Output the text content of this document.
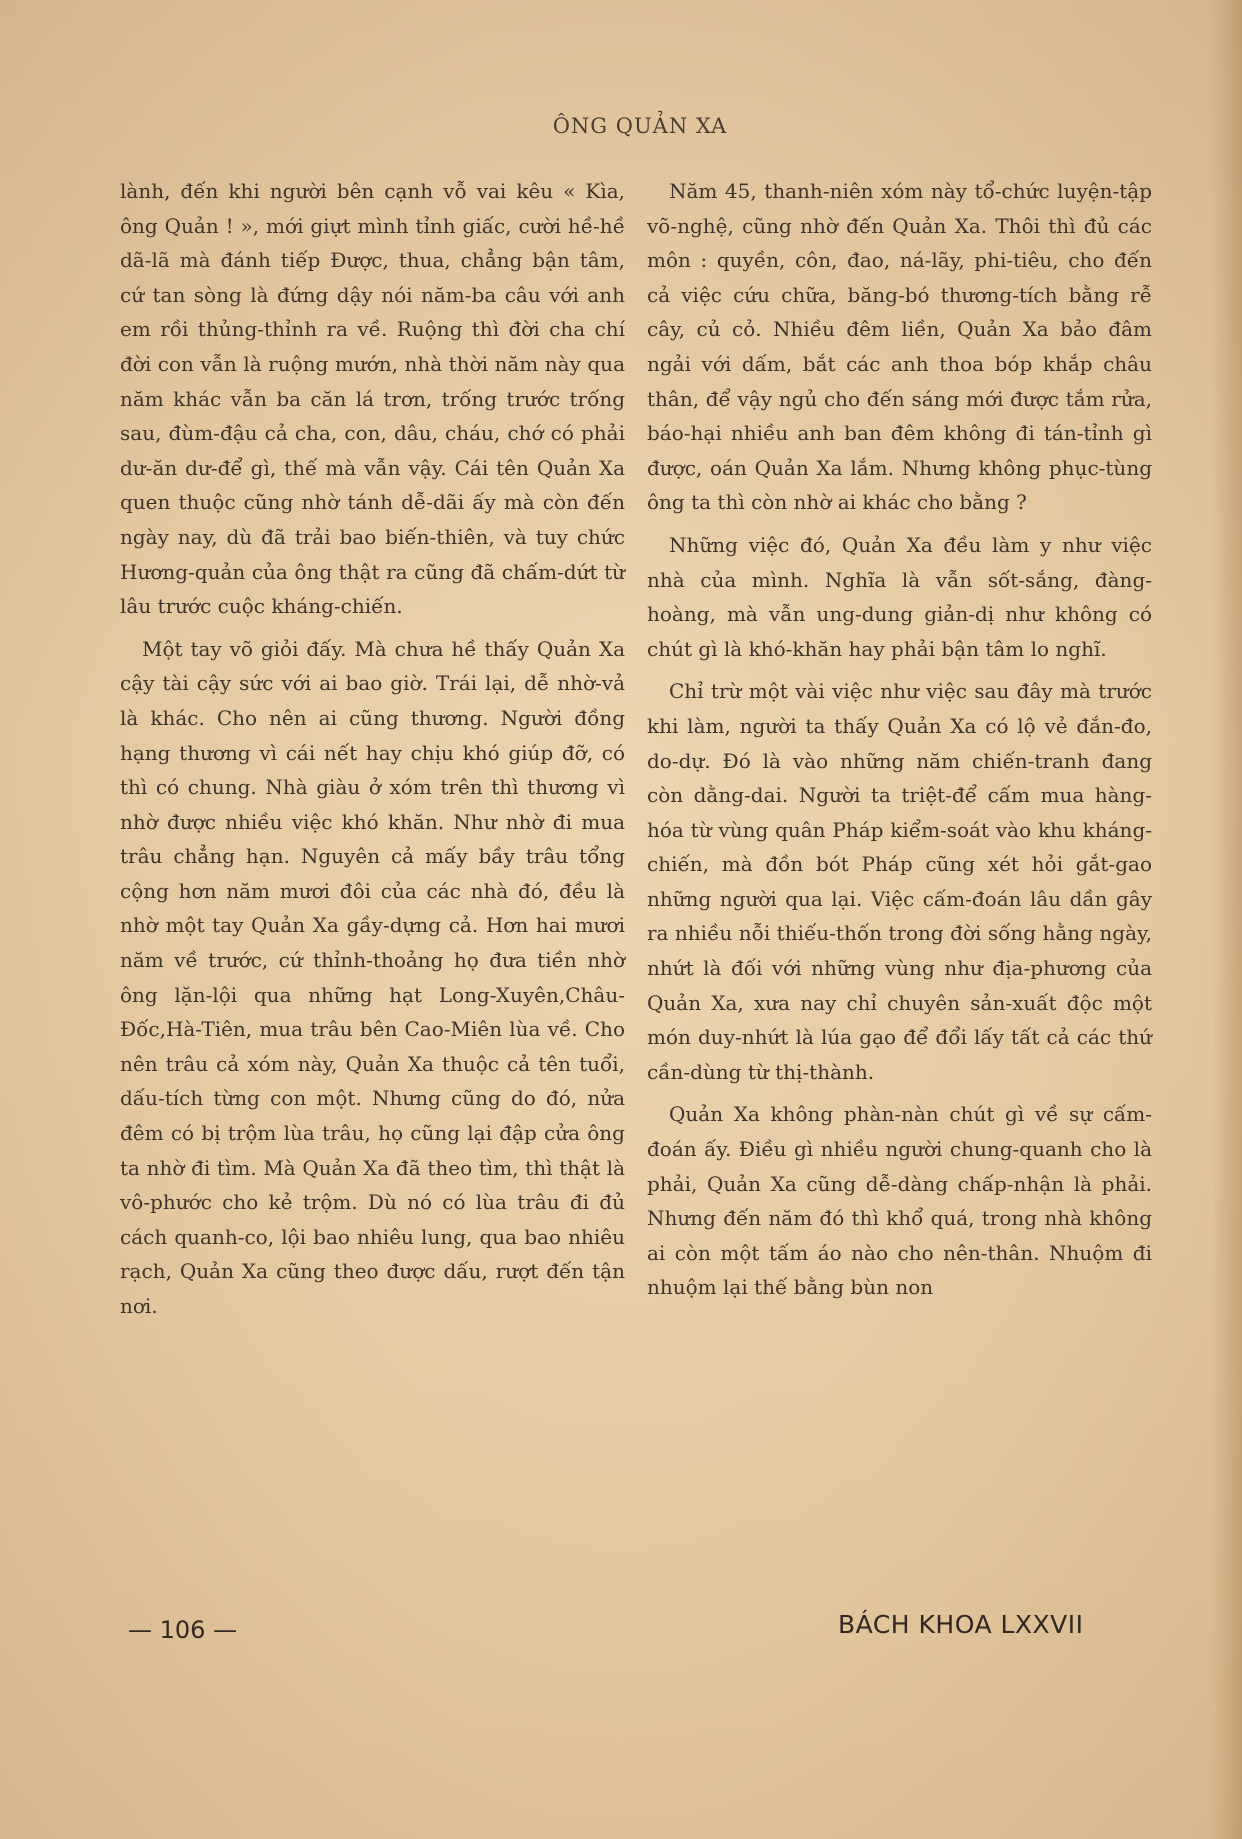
ÔNG QUẢN XA

lành, đến khi người bên cạnh vỗ vai kêu « Kìa, ông Quản ! », mới giựt mình tỉnh giấc, cười hề-hề dã-lã mà đánh tiếp Được, thua, chẳng bận tâm, cứ tan sòng là đứng dậy nói năm-ba câu với anh em rồi thủng-thỉnh ra về. Ruộng thì đời cha chí đời con vẫn là ruộng mướn, nhà thời năm này qua năm khác vẫn ba căn lá trơn, trống trước trống sau, đùm-đậu cả cha, con, dâu, cháu, chớ có phải dư-ăn dư-để gì, thế mà vẫn vậy. Cái tên Quản Xa quen thuộc cũng nhờ tánh dễ-dãi ấy mà còn đến ngày nay, dù đã trải bao biến-thiên, và tuy chức Hương-quản của ông thật ra cũng đã chấm-dứt từ lâu trước cuộc kháng-chiến.

Một tay võ giỏi đấy. Mà chưa hề thấy Quản Xa cậy tài cậy sức với ai bao giờ. Trái lại, dễ nhờ-vả là khác. Cho nên ai cũng thương. Người đồng hạng thương vì cái nết hay chịu khó giúp đỡ, có thì có chung. Nhà giàu ở xóm trên thì thương vì nhờ được nhiều việc khó khăn. Như nhờ đi mua trâu chẳng hạn. Nguyên cả mấy bầy trâu tổng cộng hơn năm mươi đôi của các nhà đó, đều là nhờ một tay Quản Xa gầy-dựng cả. Hơn hai mươi năm về trước, cứ thỉnh-thoảng họ đưa tiền nhờ ông lặn-lội qua những hạt Long-Xuyên,Châu-Đốc,Hà-Tiên, mua trâu bên Cao-Miên lùa về. Cho nên trâu cả xóm này, Quản Xa thuộc cả tên tuổi, dấu-tích từng con một. Nhưng cũng do đó, nửa đêm có bị trộm lùa trâu, họ cũng lại đập cửa ông ta nhờ đi tìm. Mà Quản Xa đã theo tìm, thì thật là vô-phước cho kẻ trộm. Dù nó có lùa trâu đi đủ cách quanh-co, lội bao nhiêu lung, qua bao nhiêu rạch, Quản Xa cũng theo được dấu, rượt đến tận nơi.

Năm 45, thanh-niên xóm này tổ-chức luyện-tập võ-nghệ, cũng nhờ đến Quản Xa. Thôi thì đủ các môn : quyền, côn, đao, ná-lãy, phi-tiêu, cho đến cả việc cứu chữa, băng-bó thương-tích bằng rễ cây, củ cỏ. Nhiều đêm liền, Quản Xa bảo đâm ngải với dấm, bắt các anh thoa bóp khắp châu thân, để vậy ngủ cho đến sáng mới được tắm rửa, báo-hại nhiều anh ban đêm không đi tán-tỉnh gì được, oán Quản Xa lắm. Nhưng không phục-tùng ông ta thì còn nhờ ai khác cho bằng ?

Những việc đó, Quản Xa đều làm y như việc nhà của mình. Nghĩa là vẫn sốt-sắng, đàng-hoàng, mà vẫn ung-dung giản-dị như không có chút gì là khó-khăn hay phải bận tâm lo nghĩ.

Chỉ trừ một vài việc như việc sau đây mà trước khi làm, người ta thấy Quản Xa có lộ vẻ đắn-đo, do-dự. Đó là vào những năm chiến-tranh đang còn dằng-dai. Người ta triệt-để cấm mua hàng-hóa từ vùng quân Pháp kiểm-soát vào khu kháng-chiến, mà đồn bót Pháp cũng xét hỏi gắt-gao những người qua lại. Việc cấm-đoán lâu dần gây ra nhiều nỗi thiếu-thốn trong đời sống hằng ngày, nhứt là đối với những vùng như địa-phương của Quản Xa, xưa nay chỉ chuyên sản-xuất độc một món duy-nhứt là lúa gạo để đổi lấy tất cả các thứ cần-dùng từ thị-thành.

Quản Xa không phàn-nàn chút gì về sự cấm-đoán ấy. Điều gì nhiều người chung-quanh cho là phải, Quản Xa cũng dễ-dàng chấp-nhận là phải. Nhưng đến năm đó thì khổ quá, trong nhà không ai còn một tấm áo nào cho nên-thân. Nhuộm đi nhuộm lại thế bằng bùn non

— 106 —	BÁCH KHOA LXXVII
